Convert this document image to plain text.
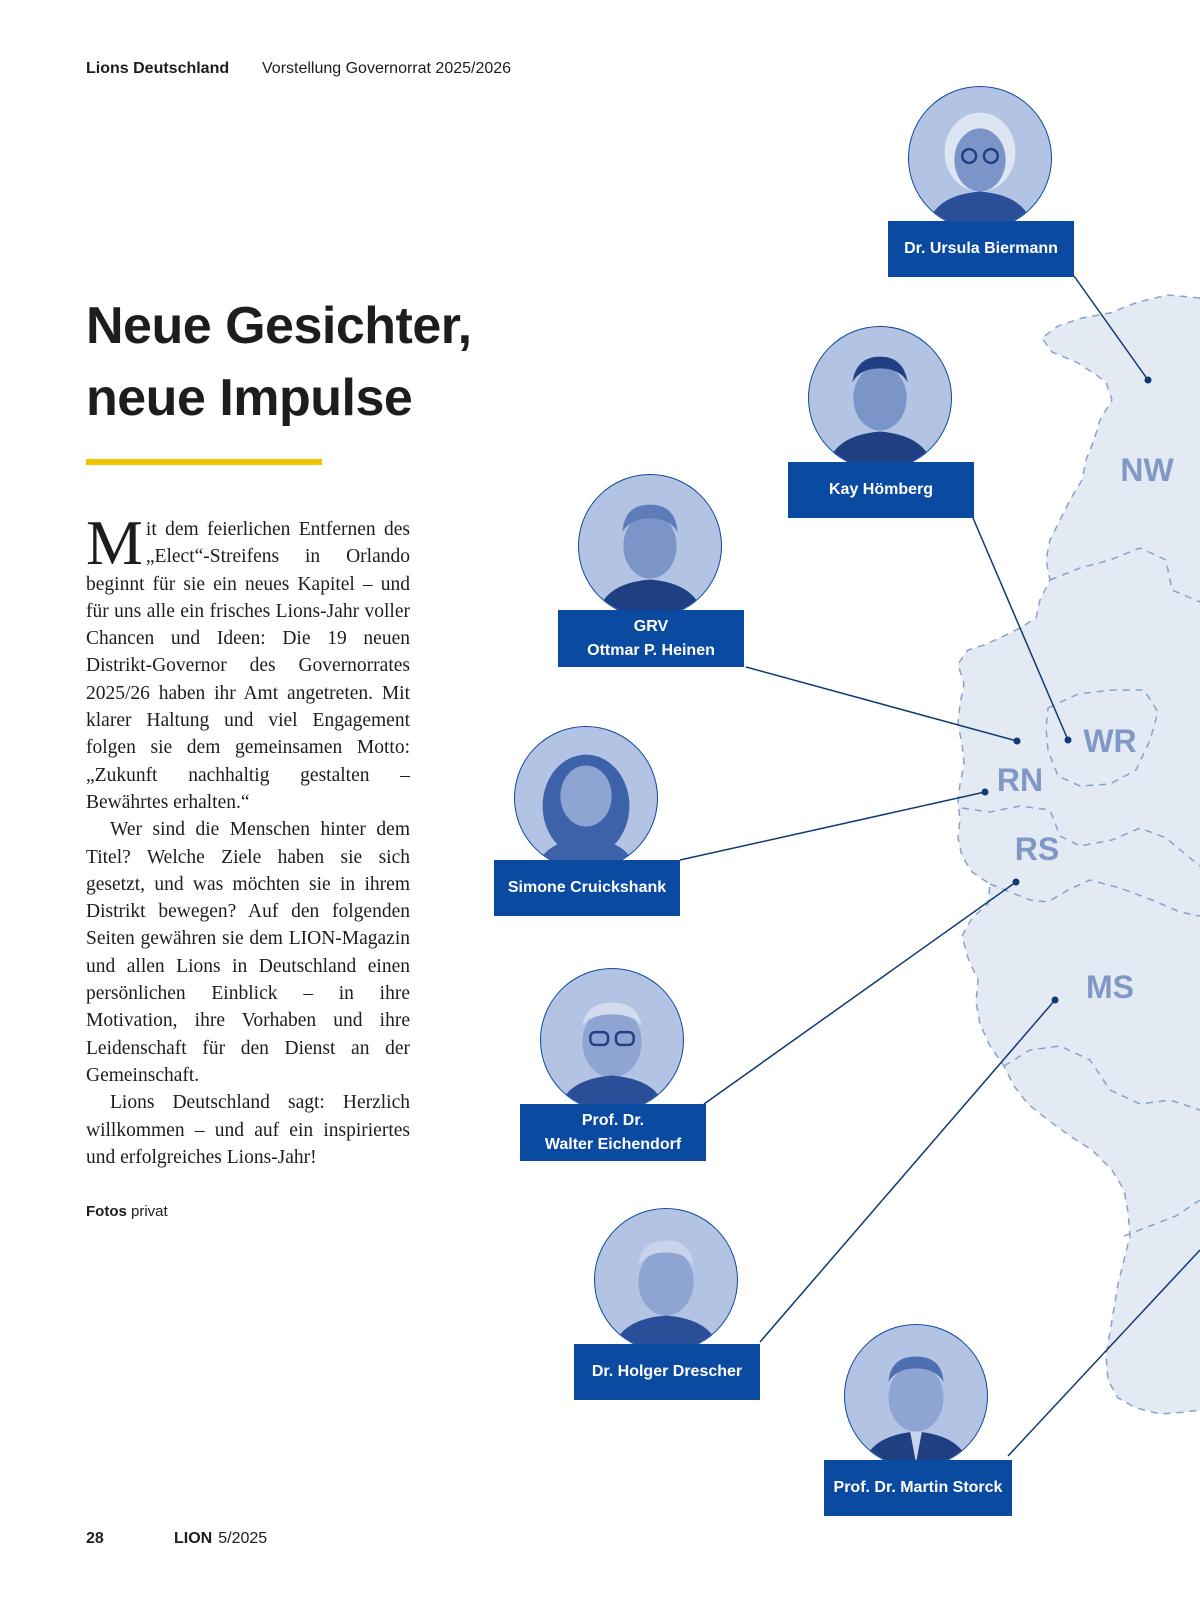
NW
WR
RN
RS
MS
Lions Deutschland Vorstellung Governorrat 2025/2026
Neue Gesichter,
neue Impulse

Mit dem feierlichen Entfernen des „Elect“-Streifens in Orlando beginnt für sie ein neues Kapitel – und für uns alle ein frisches Lions-Jahr voller Chancen und Ideen: Die 19 neuen Distrikt-Governor des Governorrates 2025/26 haben ihr Amt angetreten. Mit klarer Haltung und viel Engagement folgen sie dem gemeinsamen Motto: „Zukunft nachhaltig gestalten – Bewährtes erhalten.“

Wer sind die Menschen hinter dem Titel? Welche Ziele haben sie sich gesetzt, und was möchten sie in ihrem Distrikt bewegen? Auf den folgenden Seiten gewähren sie dem LION-Magazin und allen Lions in Deutschland einen persönlichen Einblick – in ihre Motivation, ihre Vorhaben und ihre Leidenschaft für den Dienst an der Gemeinschaft.

Lions Deutschland sagt: Herzlich willkommen – und auf ein inspiriertes und erfolgreiches Lions-Jahr!

Fotos privat
Dr. Ursula Biermann
Kay Hömberg
GRV
Ottmar P. Heinen
Simone Cruickshank
Prof. Dr.
Walter Eichendorf
Dr. Holger Drescher
Prof. Dr. Martin Storck
28	LION 5/2025
